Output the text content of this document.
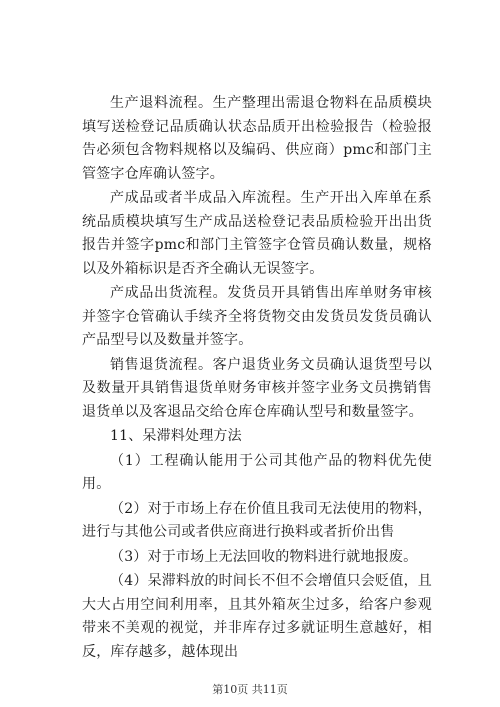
生产退料流程。生产整理出需退仓物料在品质模块填写送检登记品质确认状态品质开出检验报告（检验报告必须包含物料规格以及编码、供应商）pmc和部门主管签字仓库确认签字。

产成品或者半成品入库流程。生产开出入库单在系统品质模块填写生产成品送检登记表品质检验开出出货报告并签字pmc和部门主管签字仓管员确认数量，规格以及外箱标识是否齐全确认无误签字。

产成品出货流程。发货员开具销售出库单财务审核并签字仓管确认手续齐全将货物交由发货员发货员确认产品型号以及数量并签字。

销售退货流程。客户退货业务文员确认退货型号以及数量开具销售退货单财务审核并签字业务文员携销售退货单以及客退品交给仓库仓库确认型号和数量签字。

11、呆滞料处理方法

（1）工程确认能用于公司其他产品的物料优先使用。

（2）对于市场上存在价值且我司无法使用的物料，进行与其他公司或者供应商进行换料或者折价出售

（3）对于市场上无法回收的物料进行就地报废。

（4）呆滞料放的时间长不但不会增值只会贬值，且大大占用空间利用率，且其外箱灰尘过多，给客户参观带来不美观的视觉，并非库存过多就证明生意越好，相反，库存越多，越体现出

第10页 共11页
